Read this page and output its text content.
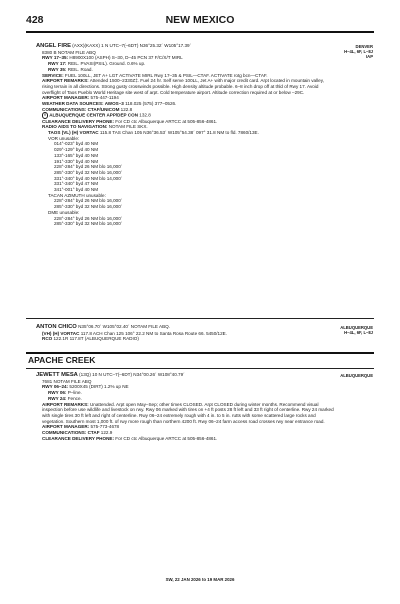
428	NEW MEXICO
ANGEL FIRE (AXX)(KAXX) 1 N UTC–7(–6DT) N36°25.32´ W105°17.39´
8380 B NOTAM FILE ABQ
RWY 17–35: H8900X100 (ASPH) S–30, D–45 PCN 37 F/C/X/T MIRL
RWY 17: REIL. PVASI(PSIL). Ground. 0.6% up.
RWY 35: REIL. Road.
SERVICE: FUEL 100LL, JET A+ LGT ACTIVATE MIRL Rwy 17–35 & PSIL—CTAF. ACTIVATE rotg bcn—CTAF.
AIRPORT REMARKS: Attended 1500–2330Z‡. Fuel 24 hr. Self serve 100LL, Jet A+ with major credit card. Arpt located in mountain valley, rising terrain in all directions. Strong gusty crosswinds possible. High density altitude probable. 6–8 inch drop off at thld of Rwy 17. Avoid overflight of Taos Pueblo World Heritage site west of arpt. Cold temperature airport. Altitude correction required at or below –29C.
AIRPORT MANAGER: 575-447-1194
WEATHER DATA SOURCES: AWOS–3 118.025 (575) 377–0526.
COMMUNICATIONS: CTAF/UNICOM 122.8
R ALBUQUERQUE CENTER APP/DEP CON 132.8
CLEARANCE DELIVERY PHONE: For CD ctc Albuquerque ARTCC at 505-856-4861.
RADIO AIDS TO NAVIGATION: NOTAM FILE SKX.
TAOS (VL) (H) VORTAC 115.8 TAS Chan 105 N36°36.53´ W105°54.38´ 097° 31.8 NM to fld. 7860/13E.
VOR unusable:
014°-023° byd 40 NM
029°-129° byd 40 NM
133°-165° byd 40 NM
191°-330° byd 40 NM
228°-284° byd 26 NM blo 16,000´
285°-330° byd 32 NM blo 16,000´
331°-340° byd 40 NM blo 14,000´
331°-340° byd 47 NM
341°-001° byd 40 NM
TACAN AZIMUTH unusable:
228°-284° byd 26 NM blo 16,000´
285°-330° byd 32 NM blo 16,000´
DME unusable:
228°-284° byd 26 NM blo 16,000´
285°-330° byd 32 NM blo 16,000´
DENVER
H–4L, 6F, L–8J
IAP
ANTON CHICO N35°06.70´ W105°02.40´ NOTAM FILE ABQ.
(VH) (H) VORTAC 117.8 ACH Chan 125 106° 22.2 NM to Santa Rosa Route 66. 5450/12E.
RCO 122.1R 117.8T (ALBUQUERQUE RADIO)
ALBUQUERQUE
H–4L, 6F, L–8J
APACHE CREEK
JEWETT MESA (13Q) 10 N UTC–7(–6DT) N34°00.26´ W108°40.79´
7681 NOTAM FILE ABQ
RWY 06–24: 5200X45 (DIRT) 1.2% up NE
RWY 06: P–line.
RWY 24: Fence.
AIRPORT REMARKS: Unattended. Arpt open May–Sep; other times CLOSED. Arpt CLOSED during winter months. Recommend visual inspection before use wildlife and livestock on rwy. Rwy 06 marked with tires on +4 ft posts 28 ft left and 33 ft right of centerline. Rwy 24 marked with single tires 30 ft left and right of centerline. Rwy 06–24 extremely rough with 4 in. to 5 in. rutts with some scattered large rocks and vegetation. Southern most 1,000 ft. of rwy more rough than northern 4200 ft. Rwy 06–24 farm access road crosses rwy near entrance road.
AIRPORT MANAGER: 575-773-4678
COMMUNICATIONS: CTAF 122.9
CLEARANCE DELIVERY PHONE: For CD ctc Albuquerque ARTCC at 505-856-4861.
ALBUQUERQUE
SW, 22 JAN 2026 to 19 MAR 2026
